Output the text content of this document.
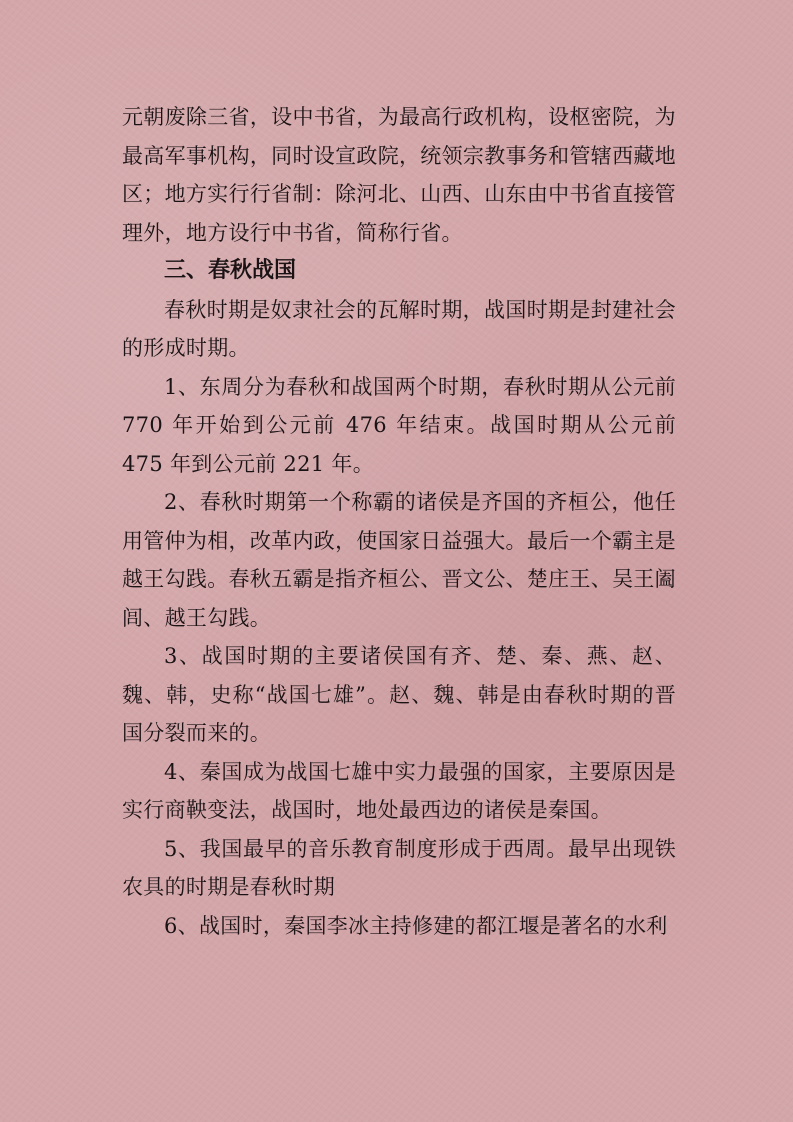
元朝废除三省，设中书省，为最高行政机构，设枢密院，为最高军事机构，同时设宣政院，统领宗教事务和管辖西藏地区；地方实行行省制：除河北、山西、山东由中书省直接管理外，地方设行中书省，简称行省。

三、春秋战国

春秋时期是奴隶社会的瓦解时期，战国时期是封建社会的形成时期。

1、东周分为春秋和战国两个时期，春秋时期从公元前 770 年开始到公元前 476 年结束。战国时期从公元前 475 年到公元前 221 年。

2、春秋时期第一个称霸的诸侯是齐国的齐桓公，他任用管仲为相，改革内政，使国家日益强大。最后一个霸主是越王勾践。春秋五霸是指齐桓公、晋文公、楚庄王、吴王阖闾、越王勾践。

3、战国时期的主要诸侯国有齐、楚、秦、燕、赵、魏、韩，史称“战国七雄”。赵、魏、韩是由春秋时期的晋国分裂而来的。

4、秦国成为战国七雄中实力最强的国家，主要原因是实行商鞅变法，战国时，地处最西边的诸侯是秦国。

5、我国最早的音乐教育制度形成于西周。最早出现铁农具的时期是春秋时期

6、战国时，秦国李冰主持修建的都江堰是著名的水利
